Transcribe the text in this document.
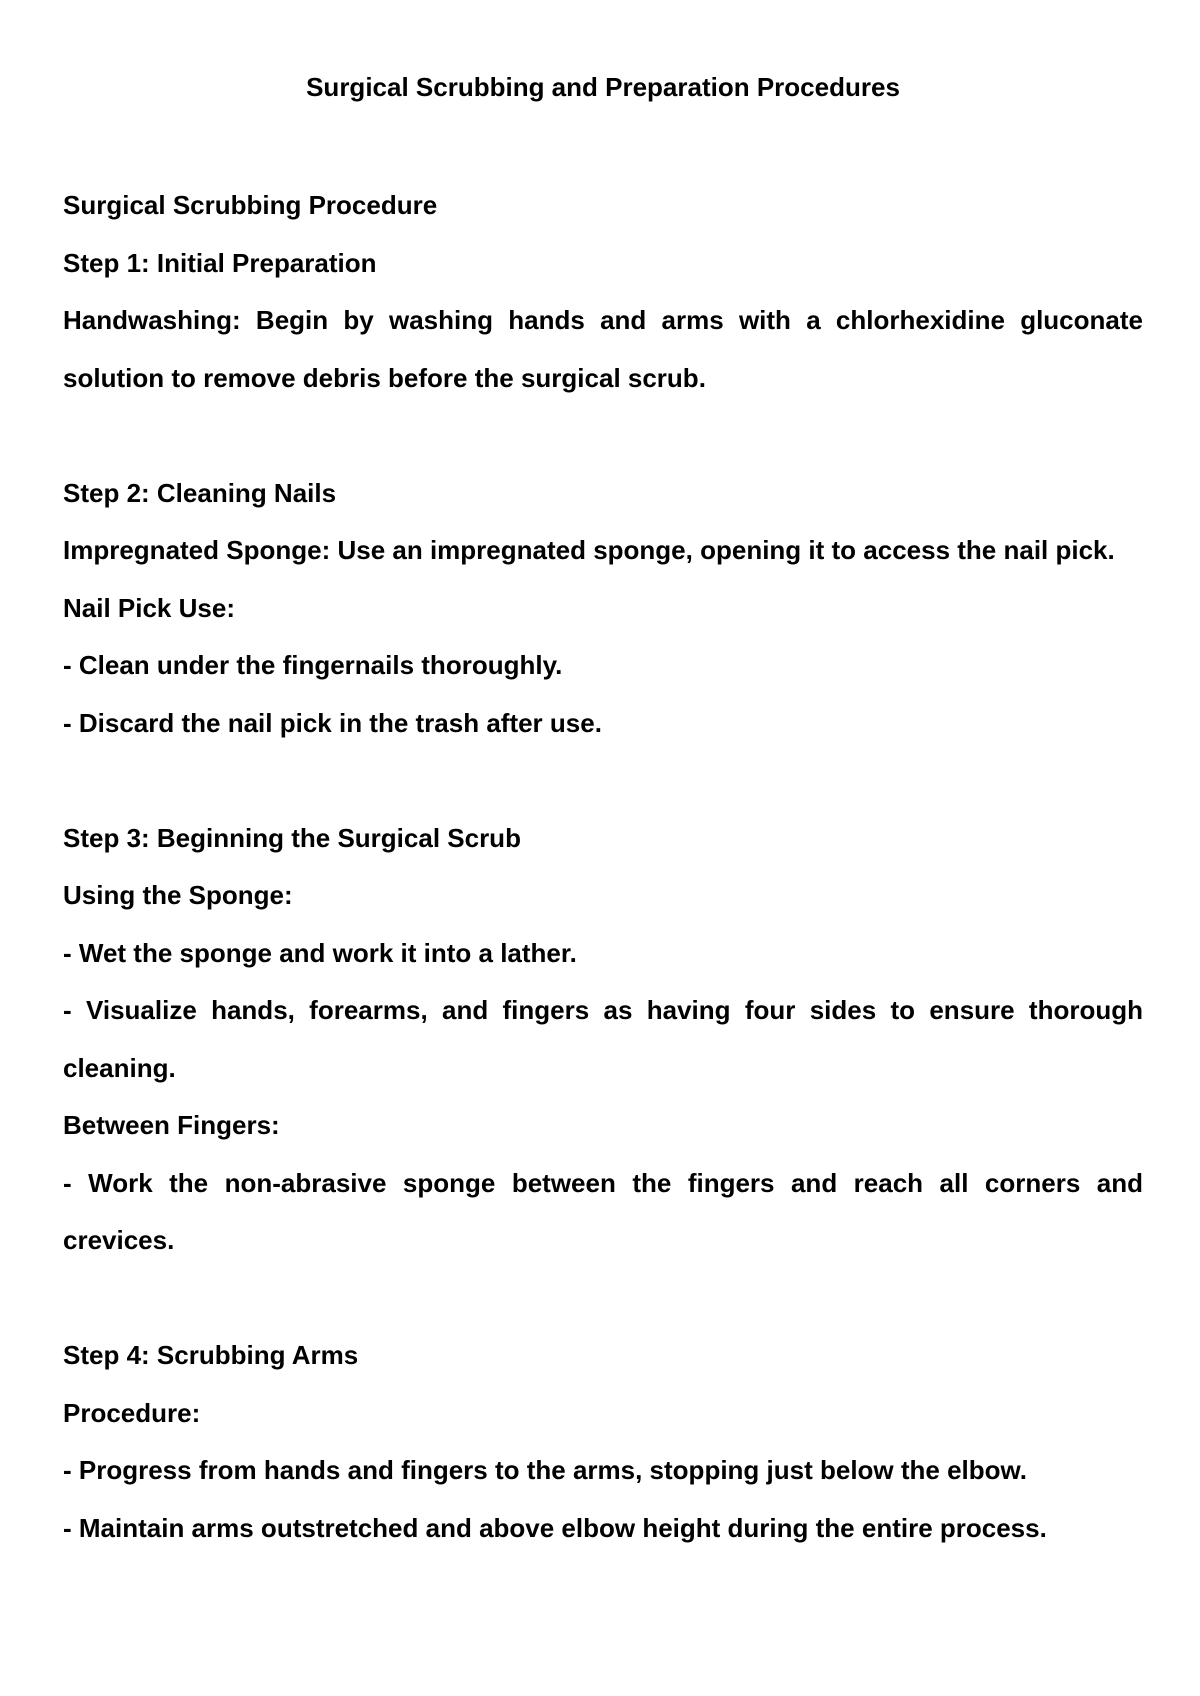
Surgical Scrubbing and Preparation Procedures

Surgical Scrubbing Procedure

Step 1: Initial Preparation

Handwashing: Begin by washing hands and arms with a chlorhexidine gluconate solution to remove debris before the surgical scrub.

Step 2: Cleaning Nails

Impregnated Sponge: Use an impregnated sponge, opening it to access the nail pick.

Nail Pick Use:

- Clean under the fingernails thoroughly.

- Discard the nail pick in the trash after use.

Step 3: Beginning the Surgical Scrub

Using the Sponge:

- Wet the sponge and work it into a lather.

- Visualize hands, forearms, and fingers as having four sides to ensure thorough cleaning.

Between Fingers:

- Work the non-abrasive sponge between the fingers and reach all corners and crevices.

Step 4: Scrubbing Arms

Procedure:

- Progress from hands and fingers to the arms, stopping just below the elbow.

- Maintain arms outstretched and above elbow height during the entire process.
